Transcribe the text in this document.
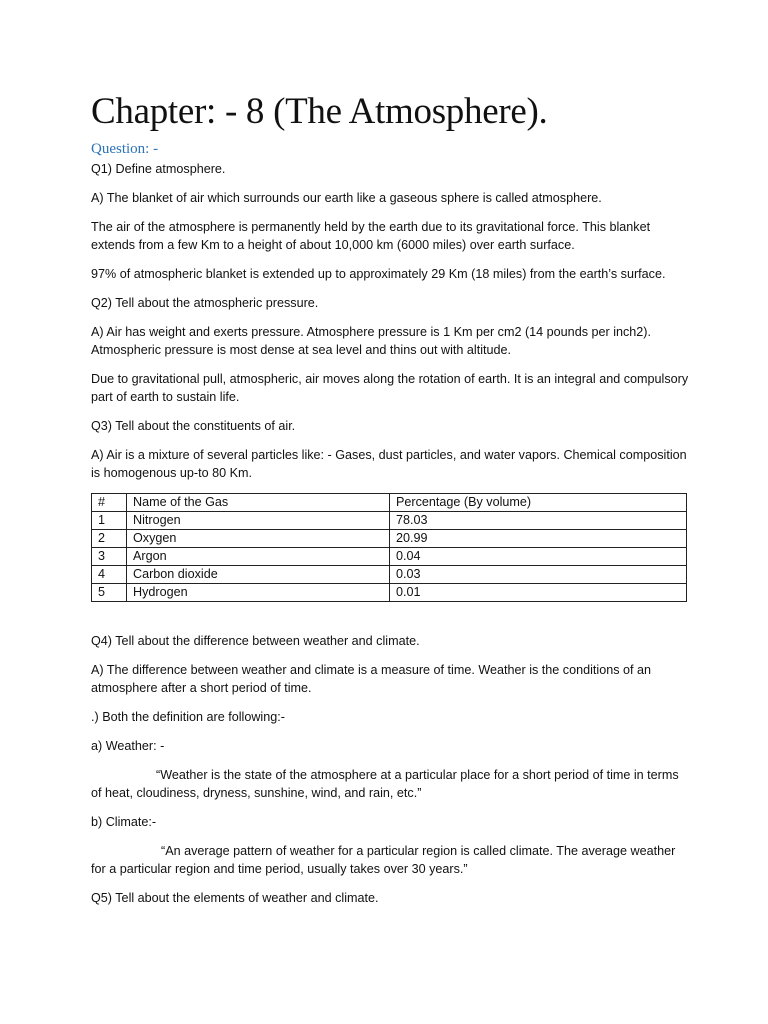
Chapter: - 8 (The Atmosphere).
Question: -

Q1) Define atmosphere.

A) The blanket of air which surrounds our earth like a gaseous sphere is called atmosphere.

The air of the atmosphere is permanently held by the earth due to its gravitational force. This blanket extends from a few Km to a height of about 10,000 km (6000 miles) over earth surface.

97% of atmospheric blanket is extended up to approximately 29 Km (18 miles) from the earth’s surface.

Q2) Tell about the atmospheric pressure.

A) Air has weight and exerts pressure. Atmosphere pressure is 1 Km per cm2 (14 pounds per inch2). Atmospheric pressure is most dense at sea level and thins out with altitude.

Due to gravitational pull, atmospheric, air moves along the rotation of earth. It is an integral and compulsory part of earth to sustain life.

Q3) Tell about the constituents of air.

A) Air is a mixture of several particles like: - Gases, dust particles, and water vapors. Chemical composition is homogenous up-to 80 Km.

#	Name of the Gas	Percentage (By volume)
1	Nitrogen	78.03
2	Oxygen	20.99
3	Argon	0.04
4	Carbon dioxide	0.03
5	Hydrogen	0.01

Q4) Tell about the difference between weather and climate.

A) The difference between weather and climate is a measure of time. Weather is the conditions of an atmosphere after a short period of time.

.) Both the definition are following:-

a) Weather: -

“Weather is the state of the atmosphere at a particular place for a short period of time in terms of heat, cloudiness, dryness, sunshine, wind, and rain, etc.”

b) Climate:-

“An average pattern of weather for a particular region is called climate. The average weather for a particular region and time period, usually takes over 30 years.”

Q5) Tell about the elements of weather and climate.
